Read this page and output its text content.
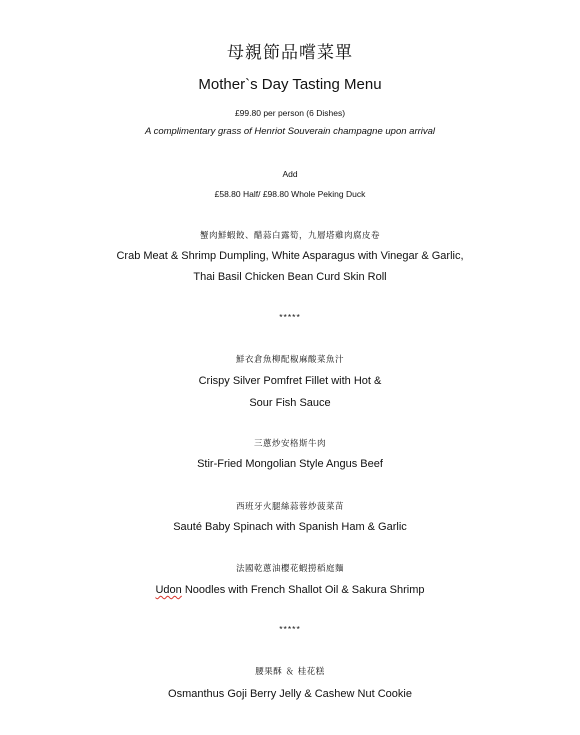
母親節品嚐菜單
Mother`s Day Tasting Menu
£99.80 per person (6 Dishes)
A complimentary grass of Henriot Souverain champagne upon arrival
Add
£58.80 Half/ £98.80 Whole Peking Duck
蟹肉鮮蝦餃、醋蒜白露筍，九層塔雞肉腐皮卷
Crab Meat & Shrimp Dumpling, White Asparagus with Vinegar & Garlic,
Thai Basil Chicken Bean Curd Skin Roll
*****
鮮衣倉魚柳配椒麻酸菜魚汁
Crispy Silver Pomfret Fillet with Hot &
Sour Fish Sauce
三蔥炒安格斯牛肉
Stir-Fried Mongolian Style Angus Beef
西班牙火腿絲蒜蓉炒菠菜苗
Sauté Baby Spinach with Spanish Ham & Garlic
法國乾蔥油櫻花蝦撈稻庭麵
Udon Noodles with French Shallot Oil & Sakura Shrimp
*****
腰果酥 ＆ 桂花糕
Osmanthus Goji Berry Jelly & Cashew Nut Cookie
